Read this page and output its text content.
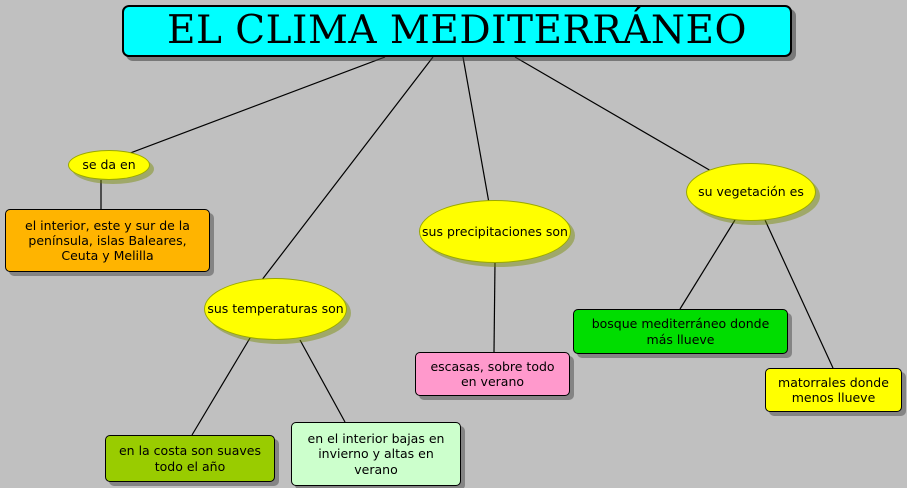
EL CLIMA MEDITERRÁNEO
se da en
el interior, este y sur de la península, islas Baleares, Ceuta y Melilla
sus temperaturas son
en la costa son suaves todo el año
en el interior bajas en invierno y altas en verano
sus precipitaciones son
escasas, sobre todo en verano
su vegetación es
bosque mediterráneo donde más llueve
matorrales donde menos llueve
